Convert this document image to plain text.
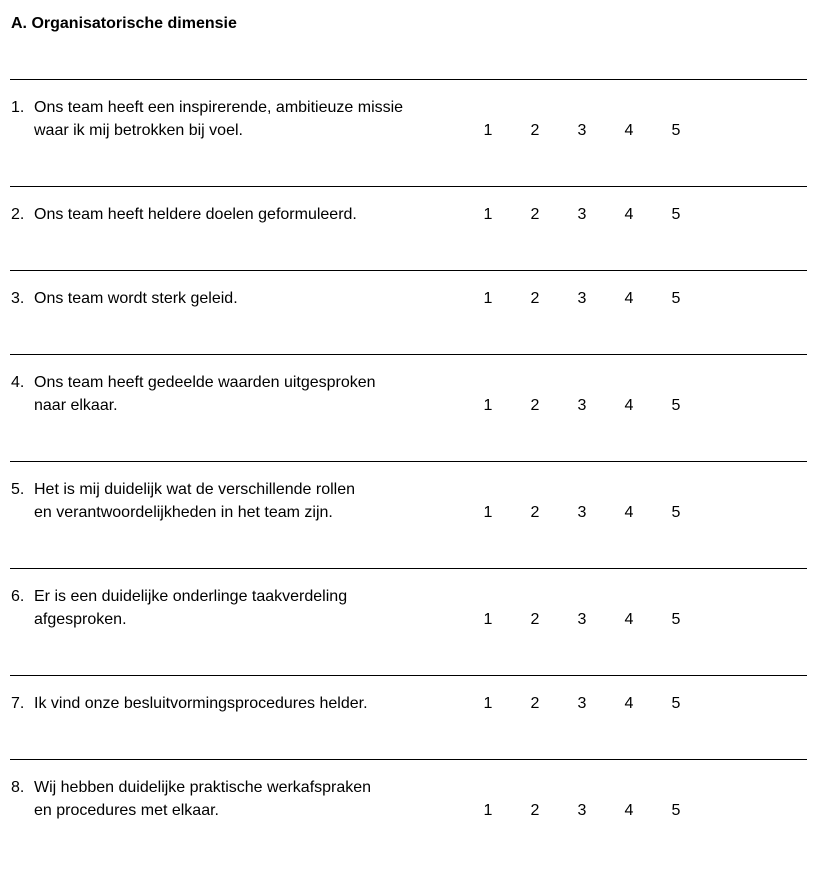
A. Organisatorische dimensie
1. Ons team heeft een inspirerende, ambitieuze missie
waar ik mij betrokken bij voel.	1 2 3 4 5
2. Ons team heeft heldere doelen geformuleerd.	1 2 3 4 5
3. Ons team wordt sterk geleid.	1 2 3 4 5
4. Ons team heeft gedeelde waarden uitgesproken
naar elkaar.	1 2 3 4 5
5. Het is mij duidelijk wat de verschillende rollen
en verantwoordelijkheden in het team zijn.	1 2 3 4 5
6. Er is een duidelijke onderlinge taakverdeling
afgesproken.	1 2 3 4 5
7. Ik vind onze besluitvormingsprocedures helder.	1 2 3 4 5
8. Wij hebben duidelijke praktische werkafspraken
en procedures met elkaar.	1 2 3 4 5
